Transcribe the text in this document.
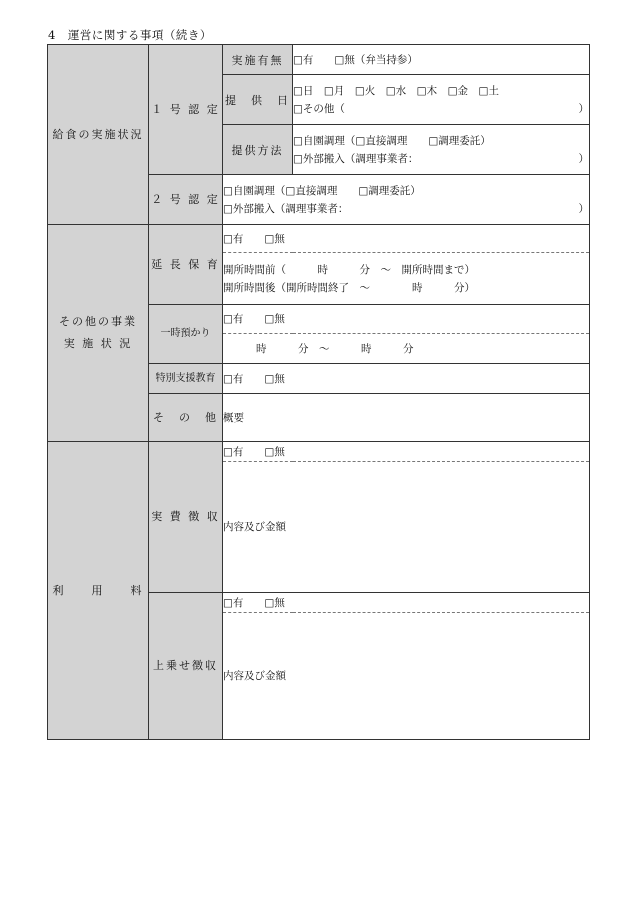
4　運営に関する事項（続き）
給食の実施状況	１ 号 認 定	実施有無	□有　　□無（弁当持参）

		提　供　日	□日　□月　□火　□水　□木　□金　□土
□その他（ ）

		提供方法	□自園調理（□直接調理　　□調理委託）
□外部搬入（調理事業者： ）

	２ 号 認 定	□自園調理（□直接調理　　□調理委託）
□外部搬入（調理事業者： ）	

その他の事業
実 施 状 況	延 長 保 育	□有　　□無	

		開所時間前（　　　時　　　分　～　開所時間まで）
開所時間後（開所時間終了　～　　　　時　　　分）	

	一時預かり	□有　　□無	

		時　　　分　～　　　時　　　分	

	特別支援教育	□有　　□無	

	そ　の　他	概要	

利　　用　　料	実 費 徴 収	□有　　□無	

		内容及び金額	

	上乗せ徴収	□有　　□無	

		内容及び金額	
